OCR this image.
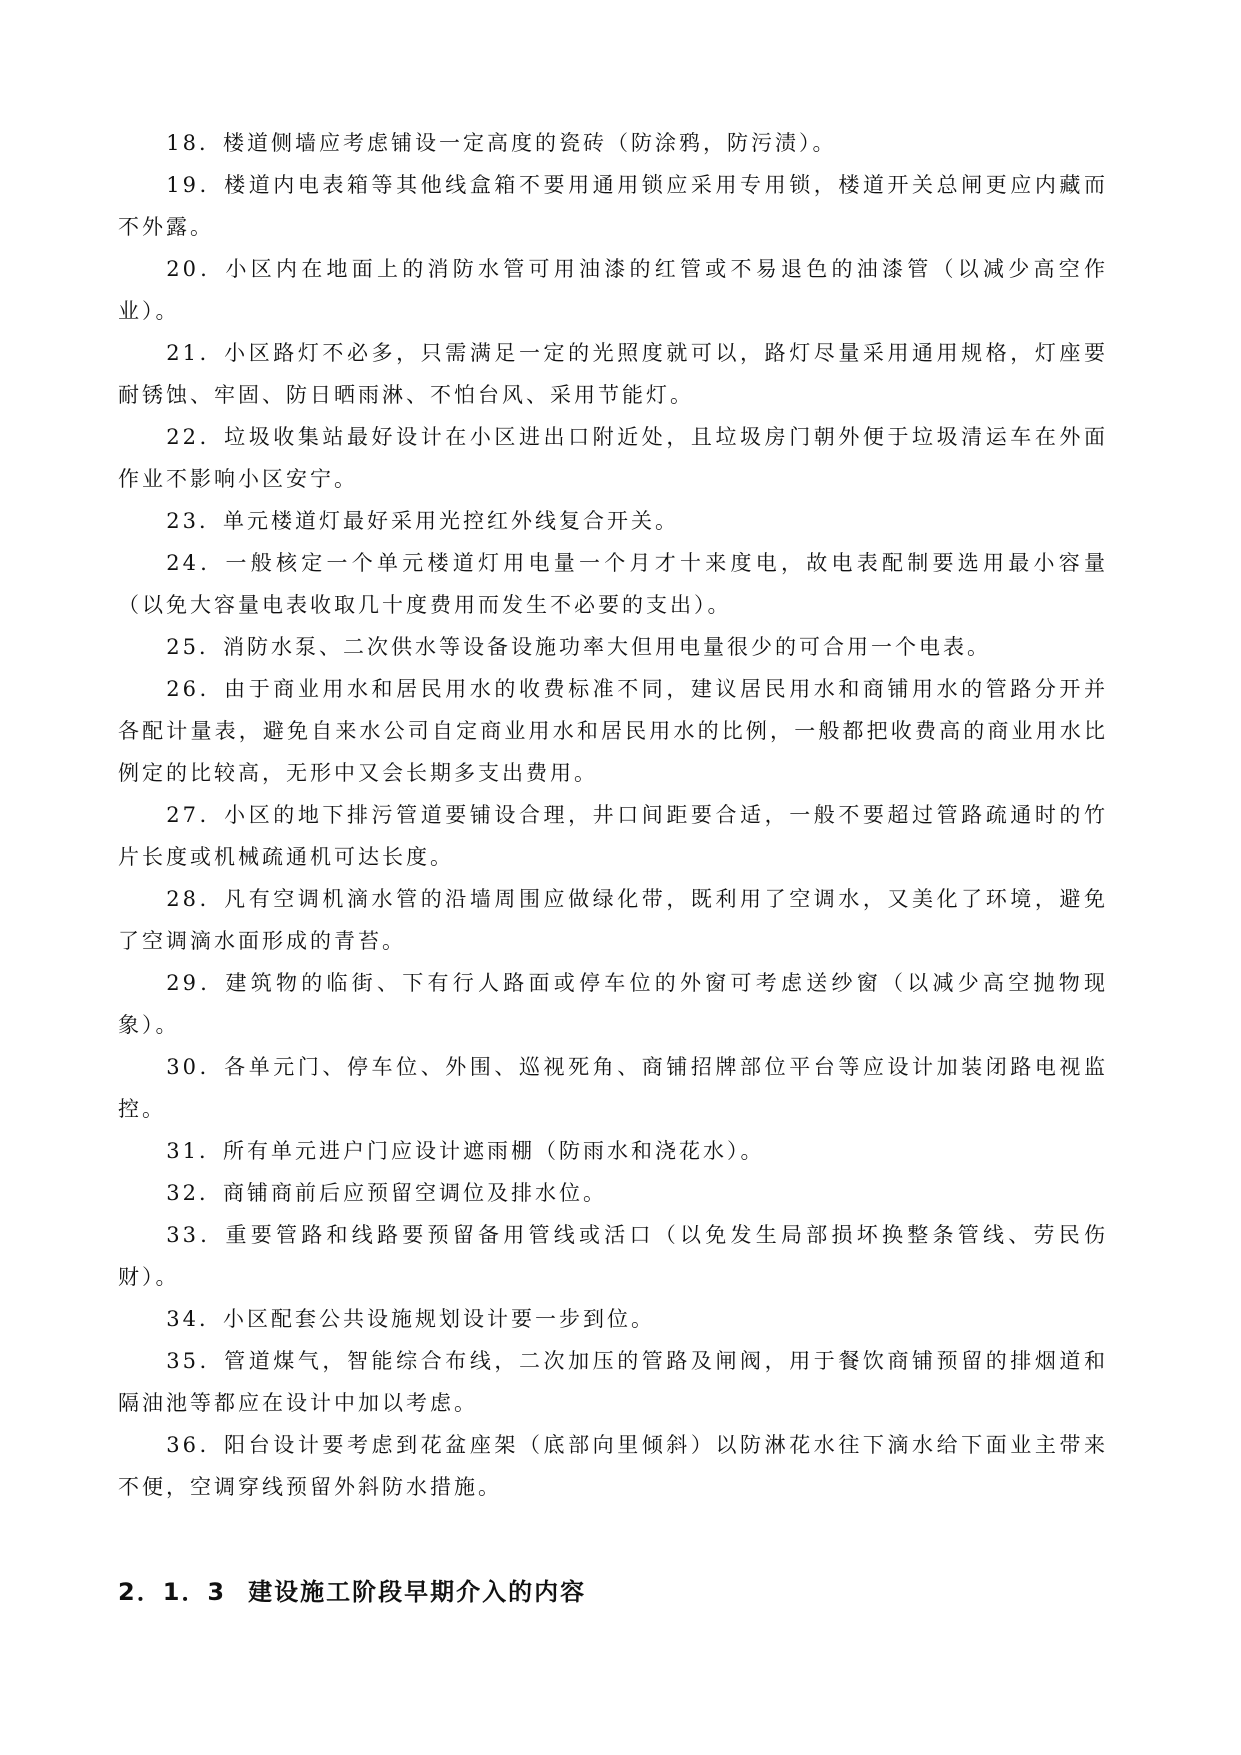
18．楼道侧墙应考虑铺设一定高度的瓷砖（防涂鸦，防污渍）。

19．楼道内电表箱等其他线盒箱不要用通用锁应采用专用锁，楼道开关总闸更应内藏而不外露。

20．小区内在地面上的消防水管可用油漆的红管或不易退色的油漆管（以减少高空作业）。

21．小区路灯不必多，只需满足一定的光照度就可以，路灯尽量采用通用规格，灯座要耐锈蚀、牢固、防日晒雨淋、不怕台风、采用节能灯。

22．垃圾收集站最好设计在小区进出口附近处，且垃圾房门朝外便于垃圾清运车在外面作业不影响小区安宁。

23．单元楼道灯最好采用光控红外线复合开关。

24．一般核定一个单元楼道灯用电量一个月才十来度电，故电表配制要选用最小容量（以免大容量电表收取几十度费用而发生不必要的支出）。

25．消防水泵、二次供水等设备设施功率大但用电量很少的可合用一个电表。

26．由于商业用水和居民用水的收费标准不同，建议居民用水和商铺用水的管路分开并各配计量表，避免自来水公司自定商业用水和居民用水的比例，一般都把收费高的商业用水比例定的比较高，无形中又会长期多支出费用。

27．小区的地下排污管道要铺设合理，井口间距要合适，一般不要超过管路疏通时的竹片长度或机械疏通机可达长度。

28．凡有空调机滴水管的沿墙周围应做绿化带，既利用了空调水，又美化了环境，避免了空调滴水面形成的青苔。

29．建筑物的临街、下有行人路面或停车位的外窗可考虑送纱窗（以减少高空抛物现象）。

30．各单元门、停车位、外围、巡视死角、商铺招牌部位平台等应设计加装闭路电视监控。

31．所有单元进户门应设计遮雨棚（防雨水和浇花水）。

32．商铺商前后应预留空调位及排水位。

33．重要管路和线路要预留备用管线或活口（以免发生局部损坏换整条管线、劳民伤财）。

34．小区配套公共设施规划设计要一步到位。

35．管道煤气，智能综合布线，二次加压的管路及闸阀，用于餐饮商铺预留的排烟道和隔油池等都应在设计中加以考虑。

36．阳台设计要考虑到花盆座架（底部向里倾斜）以防淋花水往下滴水给下面业主带来不便，空调穿线预留外斜防水措施。

2．1．3 建设施工阶段早期介入的内容
